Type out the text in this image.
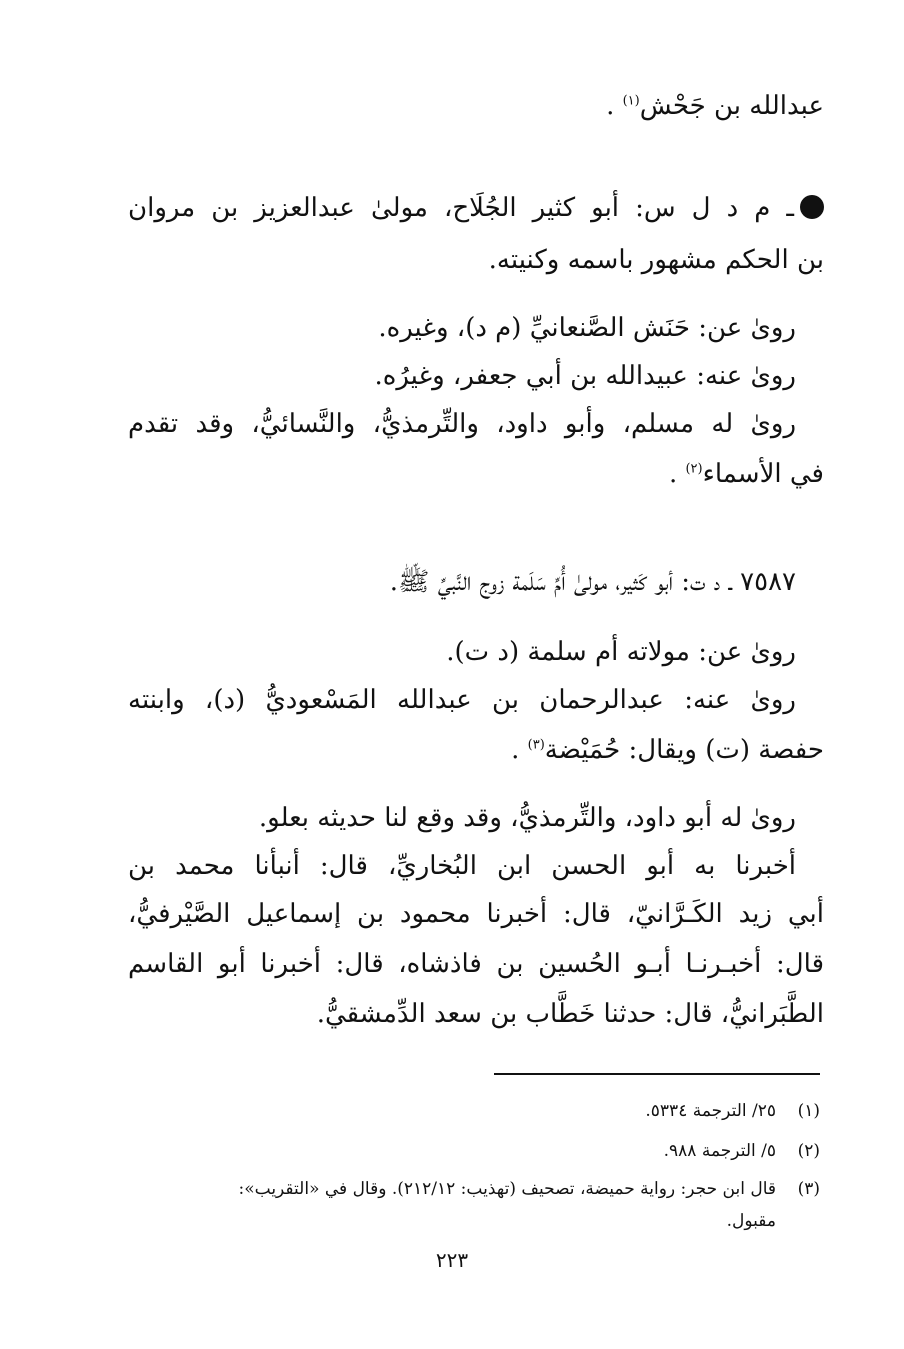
عبدالله بن جَحْش$^{(١)}$ .
ـ م د ل س: أبو كثير الجُلَاح، مولىٰ عبدالعزيز بن مروان
بن الحكم مشهور باسمه وكنيته.
روىٰ عن: حَنَش الصَّنعانيِّ (م د)، وغيره.
روىٰ عنه: عبيدالله بن أبي جعفر، وغيرُه.
روىٰ له مسلم، وأبو داود، والتِّرمذيُّ، والنَّسائيُّ، وقد تقدم
في الأسماء$^{(٢)}$ .
٧٥٨٧ ـ د ت: أبو كَثير، مولىٰ أُمِّ سَلَمة زوج النَّبيِّ ﷺ.
روىٰ عن: مولاته أم سلمة (د ت).
روىٰ عنه: عبدالرحمان بن عبدالله المَسْعوديُّ (د)، وابنته
حفصة (ت) ويقال: حُمَيْضة$^{(٣)}$ .
روىٰ له أبو داود، والتِّرمذيُّ، وقد وقع لنا حديثه بعلو.
أخبرنا به أبو الحسن ابن البُخاريِّ، قال: أنبأنا محمد بن
أبي زيد الكَـرَّانيّ، قال: أخبرنا محمود بن إسماعيل الصَّيْرفيُّ،
قال: أخبـرنـا أبـو الحُسين بن فاذشاه، قال: أخبرنا أبو القاسم
الطَّبَرانيُّ، قال: حدثنا خَطَّاب بن سعد الدِّمشقيُّ.
(١)٢٥/ الترجمة ٥٣٣٤.
(٢)٥/ الترجمة ٩٨٨.
(٣)قال ابن حجر: رواية حميضة، تصحيف (تهذيب: ٢١٢/١٢). وقال في «التقريب»:
مقبول.
٢٢٣
